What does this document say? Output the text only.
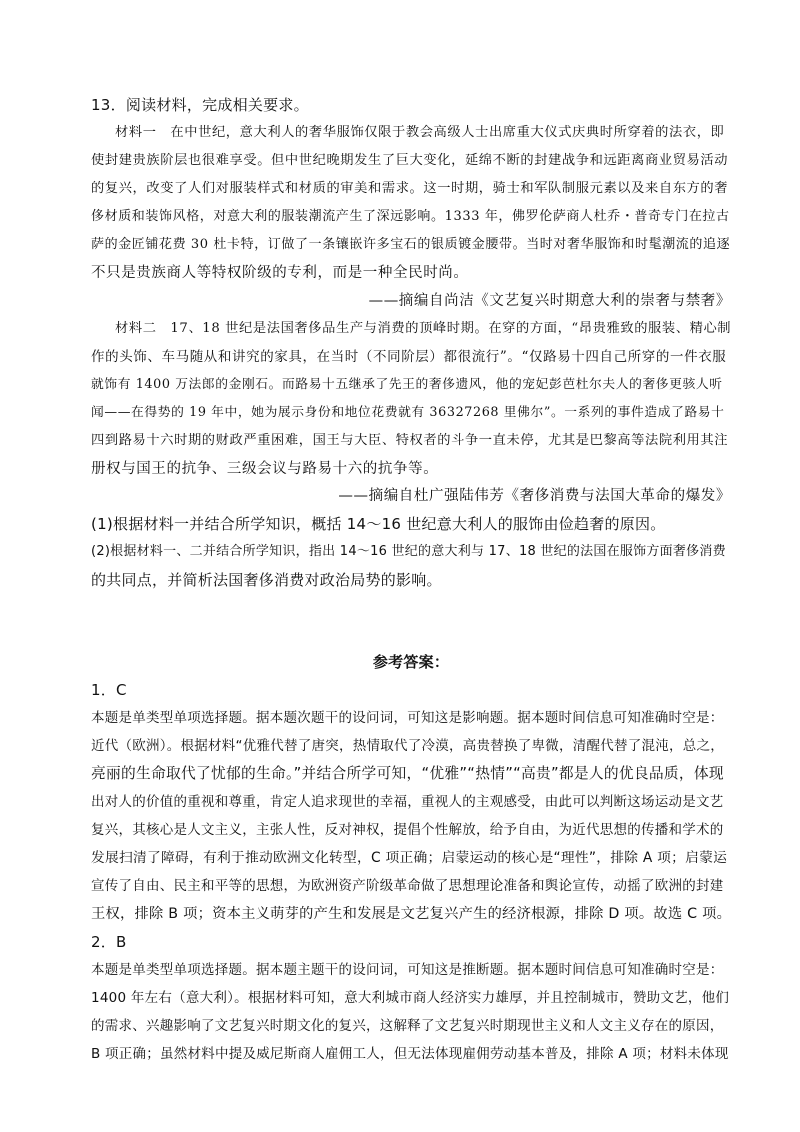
13．阅读材料，完成相关要求。
材料一　在中世纪，意大利人的奢华服饰仅限于教会高级人士出席重大仪式庆典时所穿着的法衣，即
使封建贵族阶层也很难享受。但中世纪晚期发生了巨大变化，延绵不断的封建战争和远距离商业贸易活动
的复兴，改变了人们对服装样式和材质的审美和需求。这一时期，骑士和军队制服元素以及来自东方的奢
侈材质和装饰风格，对意大利的服装潮流产生了深远影响。1333 年，佛罗伦萨商人杜乔・普奇专门在拉古
萨的金匠铺花费 30 杜卡特，订做了一条镶嵌许多宝石的银质镀金腰带。当时对奢华服饰和时髦潮流的追逐
不只是贵族商人等特权阶级的专利，而是一种全民时尚。
——摘编自尚洁《文艺复兴时期意大利的崇奢与禁奢》
材料二　17、18 世纪是法国奢侈品生产与消费的顶峰时期。在穿的方面，“昂贵雅致的服装、精心制
作的头饰、车马随从和讲究的家具，在当时（不同阶层）都很流行”。“仅路易十四自己所穿的一件衣服
就饰有 1400 万法郎的金刚石。而路易十五继承了先王的奢侈遗风，他的宠妃彭芭杜尔夫人的奢侈更骇人听
闻——在得势的 19 年中，她为展示身份和地位花费就有 36327268 里佛尔”。一系列的事件造成了路易十
四到路易十六时期的财政严重困难，国王与大臣、特权者的斗争一直未停，尤其是巴黎高等法院利用其注
册权与国王的抗争、三级会议与路易十六的抗争等。
——摘编自杜广强陆伟芳《奢侈消费与法国大革命的爆发》
(1)根据材料一并结合所学知识，概括 14～16 世纪意大利人的服饰由俭趋奢的原因。
(2)根据材料一、二并结合所学知识，指出 14～16 世纪的意大利与 17、18 世纪的法国在服饰方面奢侈消费
的共同点，并简析法国奢侈消费对政治局势的影响。
参考答案：
1．C
本题是单类型单项选择题。据本题次题干的设问词，可知这是影响题。据本题时间信息可知准确时空是：
近代（欧洲）。根据材料“优雅代替了唐突，热情取代了冷漠，高贵替换了卑微，清醒代替了混沌，总之，
亮丽的生命取代了忧郁的生命。”并结合所学可知，“优雅”“热情”“高贵”都是人的优良品质，体现
出对人的价值的重视和尊重，肯定人追求现世的幸福，重视人的主观感受，由此可以判断这场运动是文艺
复兴，其核心是人文主义，主张人性，反对神权，提倡个性解放，给予自由，为近代思想的传播和学术的
发展扫清了障碍，有利于推动欧洲文化转型，C 项正确；启蒙运动的核心是“理性”，排除 A 项；启蒙运
宣传了自由、民主和平等的思想，为欧洲资产阶级革命做了思想理论准备和舆论宣传，动摇了欧洲的封建
王权，排除 B 项；资本主义萌芽的产生和发展是文艺复兴产生的经济根源，排除 D 项。故选 C 项。
2．B
本题是单类型单项选择题。据本题主题干的设问词，可知这是推断题。据本题时间信息可知准确时空是：
1400 年左右（意大利）。根据材料可知，意大利城市商人经济实力雄厚，并且控制城市，赞助文艺，他们
的需求、兴趣影响了文艺复兴时期文化的复兴，这解释了文艺复兴时期现世主义和人文主义存在的原因，
B 项正确；虽然材料中提及威尼斯商人雇佣工人，但无法体现雇佣劳动基本普及，排除 A 项；材料未体现
